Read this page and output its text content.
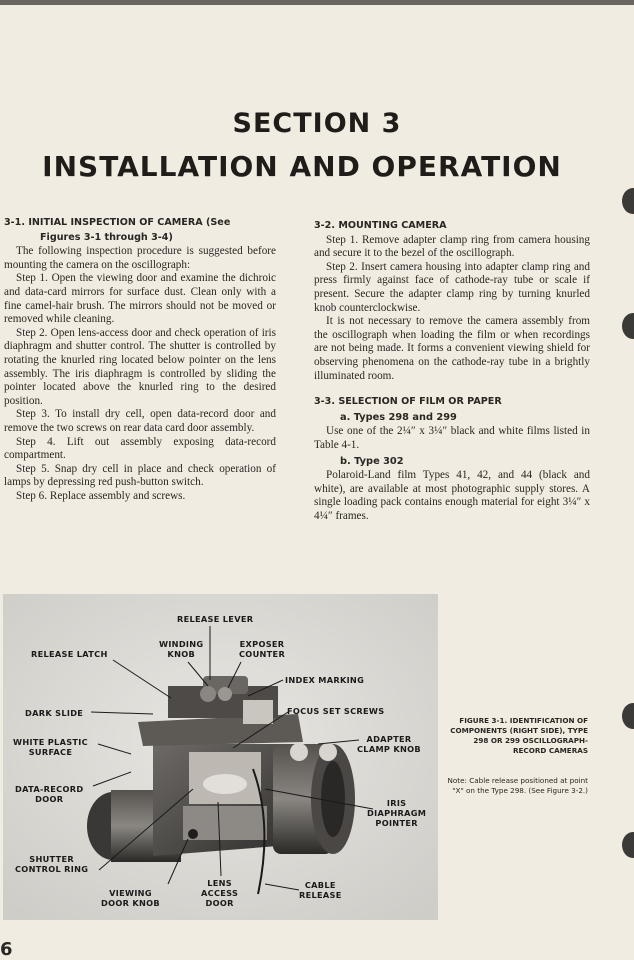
SECTION 3
INSTALLATION AND OPERATION
3-1. INITIAL INSPECTION OF CAMERA (See
Figures 3-1 through 3-4)

The following inspection procedure is suggested before mounting the camera on the oscillograph:

Step 1. Open the viewing door and examine the dichroic and data-card mirrors for surface dust. Clean only with a fine camel-hair brush. The mirrors should not be moved or removed while cleaning.

Step 2. Open lens-access door and check operation of iris diaphragm and shutter control. The shutter is controlled by rotating the knurled ring located below pointer on the lens assembly. The iris diaphragm is controlled by sliding the pointer located above the knurled ring to the desired position.

Step 3. To install dry cell, open data-record door and remove the two screws on rear data card door assembly.

Step 4. Lift out assembly exposing data-record compartment.

Step 5. Snap dry cell in place and check operation of lamps by depressing red push-button switch.

Step 6. Replace assembly and screws.

3-2. MOUNTING CAMERA

Step 1. Remove adapter clamp ring from camera housing and secure it to the bezel of the oscillograph.

Step 2. Insert camera housing into adapter clamp ring and press firmly against face of cathode-ray tube or scale if present. Secure the adapter clamp ring by turning knurled knob counterclockwise.

It is not necessary to remove the camera assembly from the oscillograph when loading the film or when recordings are not being made. It forms a convenient viewing shield for observing phenomena on the cathode-ray tube in a brightly illuminated room.

3-3. SELECTION OF FILM OR PAPER
a. Types 298 and 299

Use one of the 2¼″ x 3¼″ black and white films listed in Table 4-1.

b. Type 302

Polaroid-Land film Types 41, 42, and 44 (black and white), are available at most photographic supply stores. A single loading pack contains enough material for eight 3¼″ x 4¼″ frames.

RELEASE LEVER
WINDING
KNOB
EXPOSER
COUNTER
RELEASE LATCH
INDEX MARKING
DARK SLIDE	FOCUS SET SCREWS
WHITE PLASTIC
SURFACE
ADAPTER
CLAMP KNOB
DATA-RECORD
DOOR	IRIS
DIAPHRAGM
POINTER
SHUTTER
CONTROL RING
VIEWING
DOOR KNOB
LENS
ACCESS
DOOR
CABLE
RELEASE
FIGURE 3-1. IDENTIFICATION OF COMPONENTS (RIGHT SIDE), TYPE 298 OR 299 OSCILLOGRAPH-RECORD CAMERAS
Note: Cable release positioned at point "X" on the Type 298. (See Figure 3-2.)
6
